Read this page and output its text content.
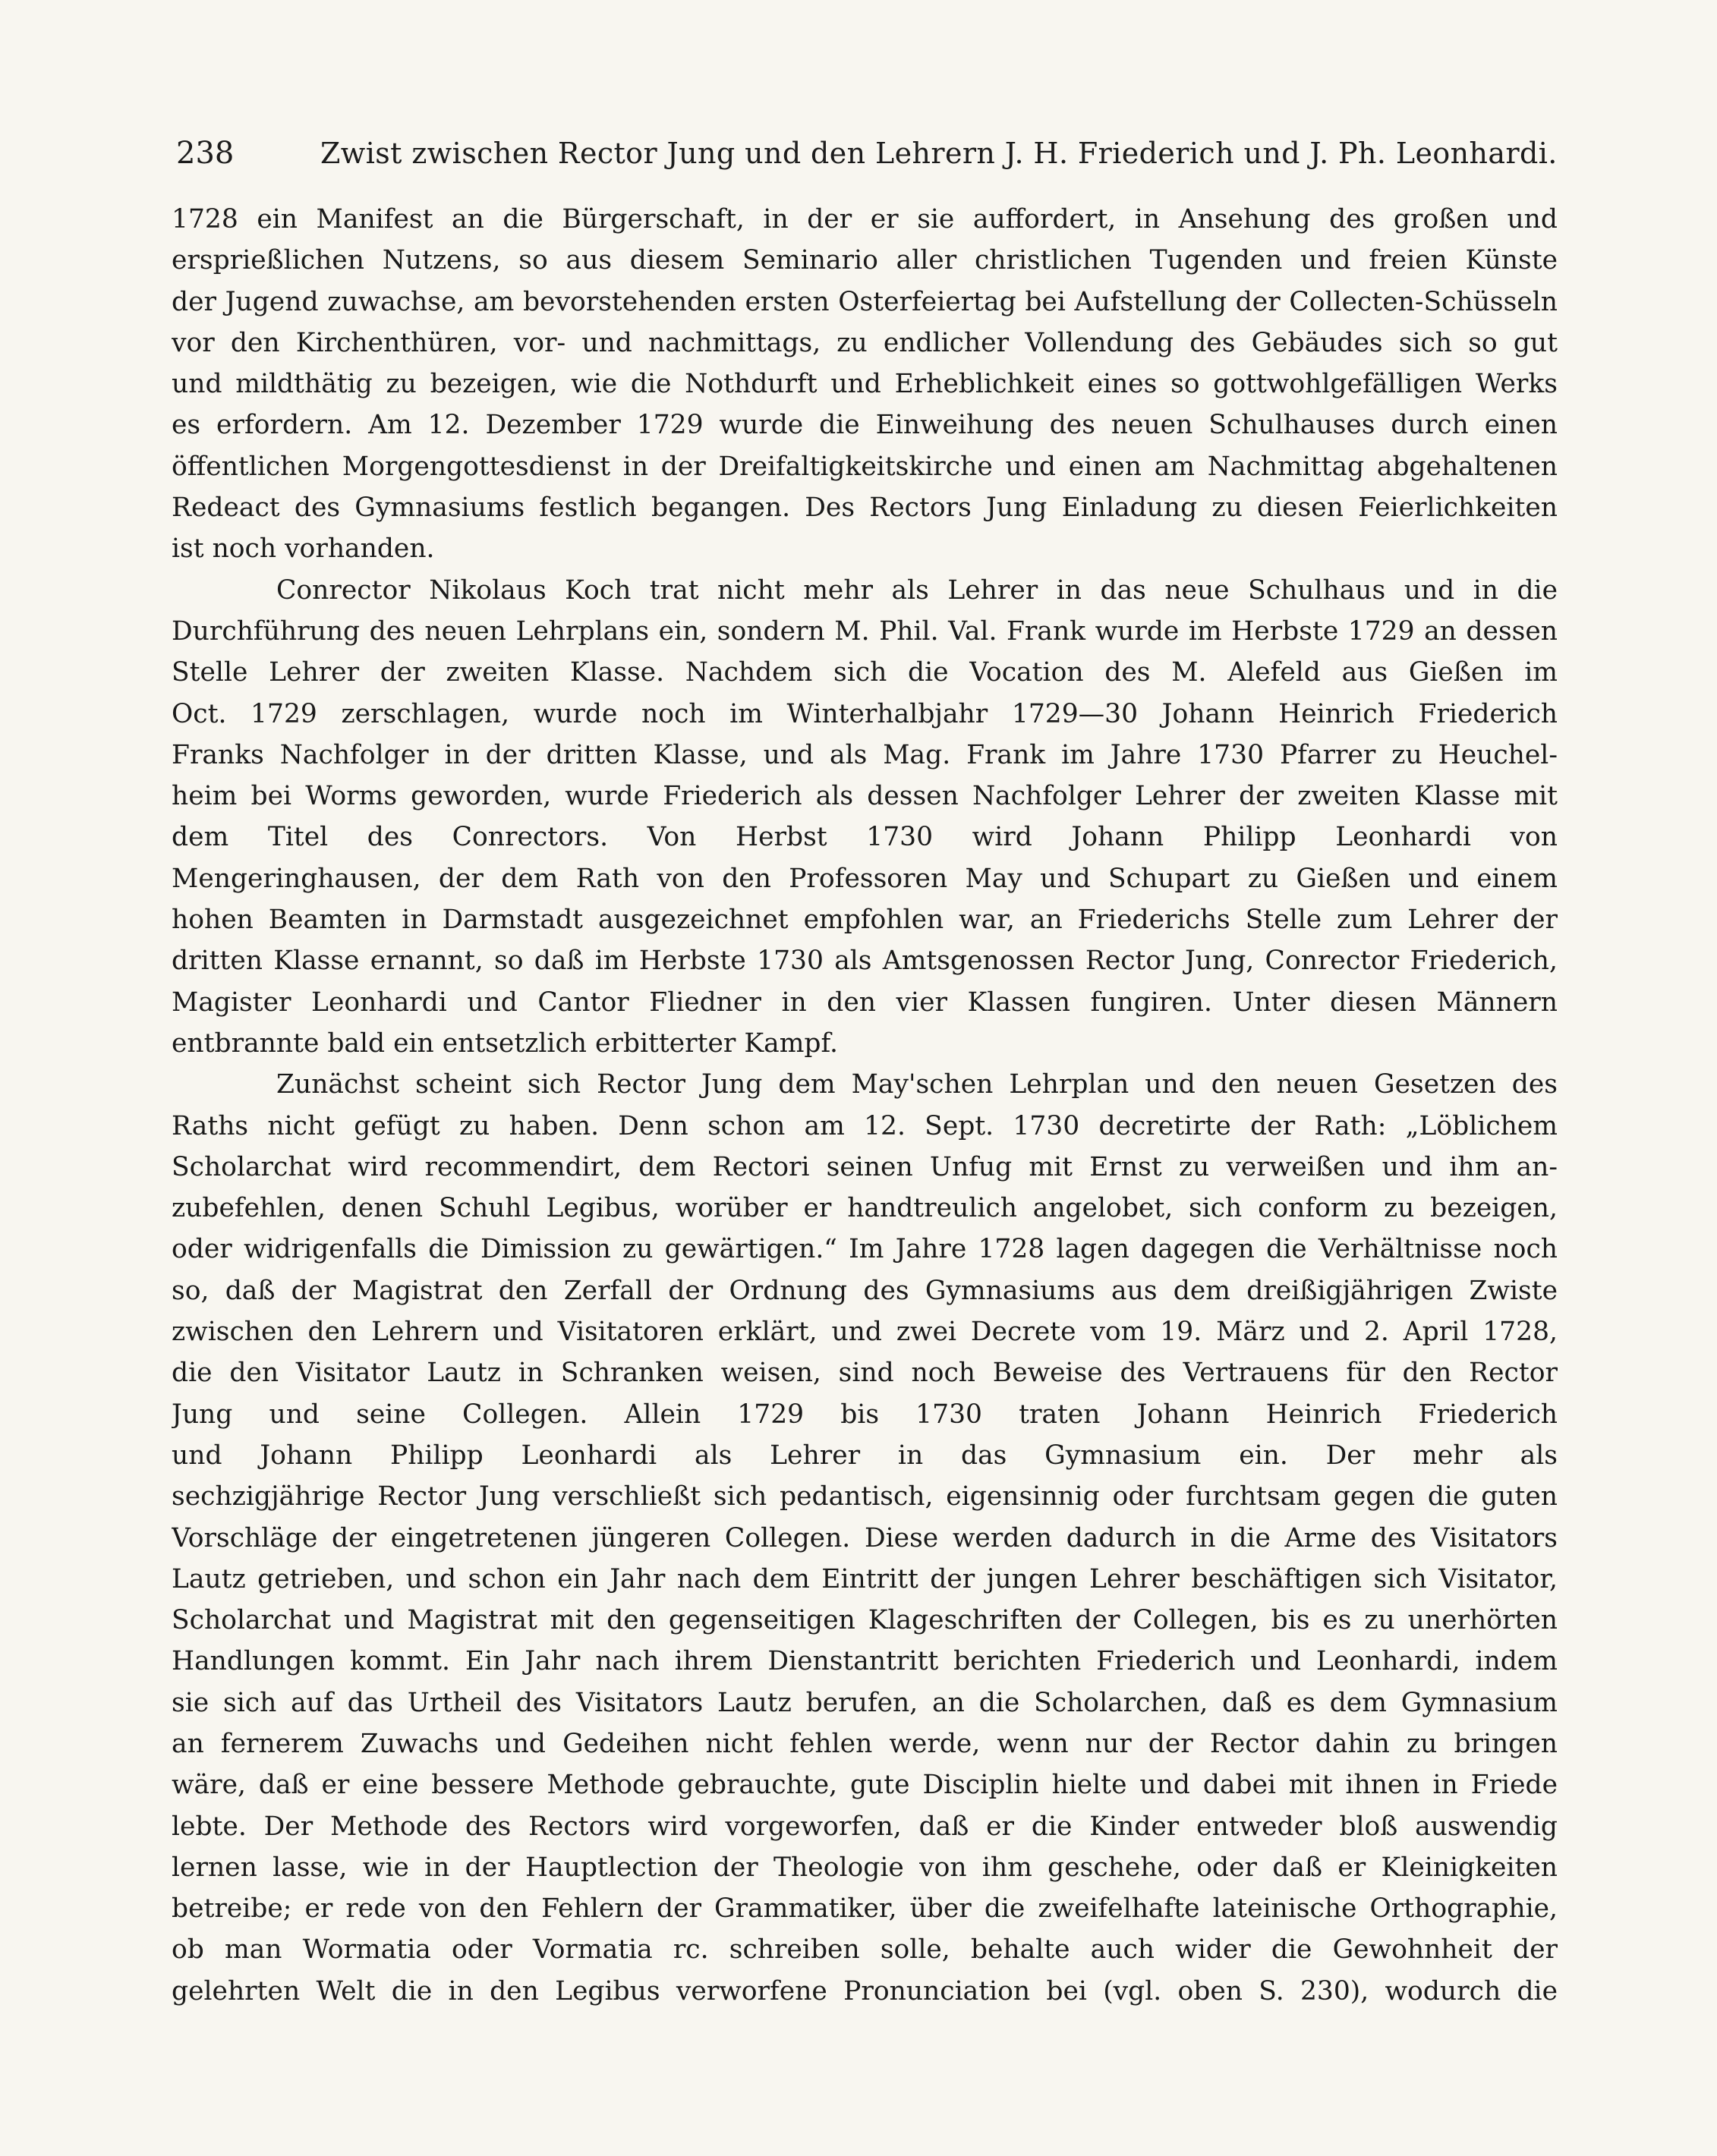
238	Zwist zwischen Rector Jung und den Lehrern J. H. Friederich und J. Ph. Leonhardi.
1728 ein Manifest an die Bürgerschaft, in der er sie auffordert, in Ansehung des großen und
ersprießlichen Nutzens, so aus diesem Seminario aller christlichen Tugenden und freien Künste
der Jugend zuwachse, am bevorstehenden ersten Osterfeiertag bei Aufstellung der Collecten-Schüsseln
vor den Kirchenthüren, vor- und nachmittags, zu endlicher Vollendung des Gebäudes sich so gut
und mildthätig zu bezeigen, wie die Nothdurft und Erheblichkeit eines so gottwohlgefälligen Werks
es erfordern. Am 12. Dezember 1729 wurde die Einweihung des neuen Schulhauses durch einen
öffentlichen Morgengottesdienst in der Dreifaltigkeitskirche und einen am Nachmittag abgehaltenen
Redeact des Gymnasiums festlich begangen. Des Rectors Jung Einladung zu diesen Feierlichkeiten
ist noch vorhanden.
Conrector Nikolaus Koch trat nicht mehr als Lehrer in das neue Schulhaus und in die
Durchführung des neuen Lehrplans ein, sondern M. Phil. Val. Frank wurde im Herbste 1729 an dessen
Stelle Lehrer der zweiten Klasse. Nachdem sich die Vocation des M. Alefeld aus Gießen im
Oct. 1729 zerschlagen, wurde noch im Winterhalbjahr 1729—30 Johann Heinrich Friederich
Franks Nachfolger in der dritten Klasse, und als Mag. Frank im Jahre 1730 Pfarrer zu Heuchel-
heim bei Worms geworden, wurde Friederich als dessen Nachfolger Lehrer der zweiten Klasse mit
dem Titel des Conrectors. Von Herbst 1730 wird Johann Philipp Leonhardi von
Mengeringhausen, der dem Rath von den Professoren May und Schupart zu Gießen und einem
hohen Beamten in Darmstadt ausgezeichnet empfohlen war, an Friederichs Stelle zum Lehrer der
dritten Klasse ernannt, so daß im Herbste 1730 als Amtsgenossen Rector Jung, Conrector Friederich,
Magister Leonhardi und Cantor Fliedner in den vier Klassen fungiren. Unter diesen Männern
entbrannte bald ein entsetzlich erbitterter Kampf.
Zunächst scheint sich Rector Jung dem May'schen Lehrplan und den neuen Gesetzen des
Raths nicht gefügt zu haben. Denn schon am 12. Sept. 1730 decretirte der Rath: „Löblichem
Scholarchat wird recommendirt, dem Rectori seinen Unfug mit Ernst zu verweißen und ihm an-
zubefehlen, denen Schuhl Legibus, worüber er handtreulich angelobet, sich conform zu bezeigen,
oder widrigenfalls die Dimission zu gewärtigen.“ Im Jahre 1728 lagen dagegen die Verhältnisse noch
so, daß der Magistrat den Zerfall der Ordnung des Gymnasiums aus dem dreißigjährigen Zwiste
zwischen den Lehrern und Visitatoren erklärt, und zwei Decrete vom 19. März und 2. April 1728,
die den Visitator Lautz in Schranken weisen, sind noch Beweise des Vertrauens für den Rector
Jung und seine Collegen. Allein 1729 bis 1730 traten Johann Heinrich Friederich
und Johann Philipp Leonhardi als Lehrer in das Gymnasium ein. Der mehr als
sechzigjährige Rector Jung verschließt sich pedantisch, eigensinnig oder furchtsam gegen die guten
Vorschläge der eingetretenen jüngeren Collegen. Diese werden dadurch in die Arme des Visitators
Lautz getrieben, und schon ein Jahr nach dem Eintritt der jungen Lehrer beschäftigen sich Visitator,
Scholarchat und Magistrat mit den gegenseitigen Klageschriften der Collegen, bis es zu unerhörten
Handlungen kommt. Ein Jahr nach ihrem Dienstantritt berichten Friederich und Leonhardi, indem
sie sich auf das Urtheil des Visitators Lautz berufen, an die Scholarchen, daß es dem Gymnasium
an fernerem Zuwachs und Gedeihen nicht fehlen werde, wenn nur der Rector dahin zu bringen
wäre, daß er eine bessere Methode gebrauchte, gute Disciplin hielte und dabei mit ihnen in Friede
lebte. Der Methode des Rectors wird vorgeworfen, daß er die Kinder entweder bloß auswendig
lernen lasse, wie in der Hauptlection der Theologie von ihm geschehe, oder daß er Kleinigkeiten
betreibe; er rede von den Fehlern der Grammatiker, über die zweifelhafte lateinische Orthographie,
ob man Wormatia oder Vormatia rc. schreiben solle, behalte auch wider die Gewohnheit der
gelehrten Welt die in den Legibus verworfene Pronunciation bei (vgl. oben S. 230), wodurch die
